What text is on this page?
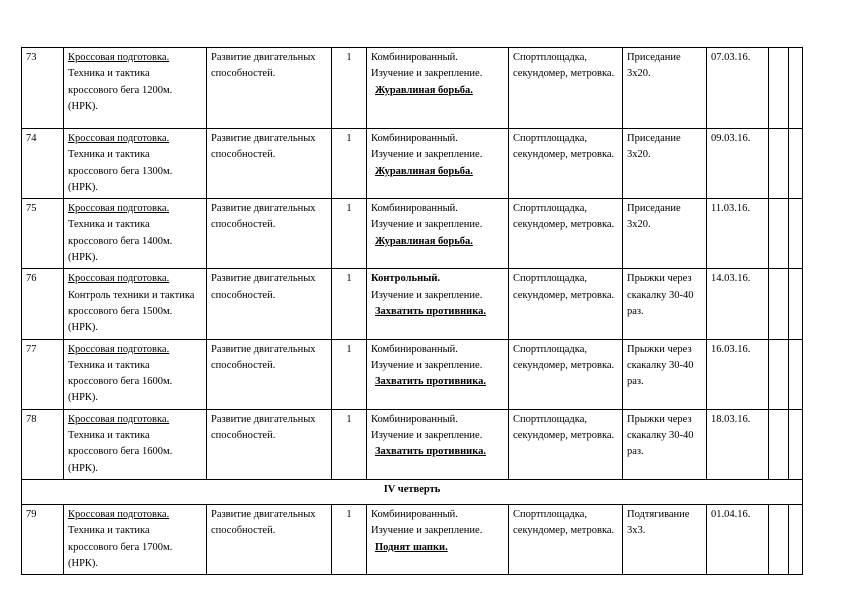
73	Кроссовая подготовка.
Техника и тактика кроссового бега 1200м. (НРК).	Развитие двигательных способностей.	1	Комбинированный.
Изучение и закрепление.
Журавлиная борьба.	Спортплощадка, секундомер, метровка.	Приседание 3х20.	07.03.16.		
74	Кроссовая подготовка.
Техника и тактика кроссового бега 1300м. (НРК).	Развитие двигательных способностей.	1	Комбинированный.
Изучение и закрепление.
Журавлиная борьба.	Спортплощадка, секундомер, метровка.	Приседание 3х20.	09.03.16.		
75	Кроссовая подготовка.
Техника и тактика кроссового бега 1400м. (НРК).	Развитие двигательных способностей.	1	Комбинированный.
Изучение и закрепление.
Журавлиная борьба.	Спортплощадка, секундомер, метровка.	Приседание 3х20.	11.03.16.		
76	Кроссовая подготовка.
Контроль техники и тактика кроссового бега 1500м. (НРК).	Развитие двигательных способностей.	1	Контрольный.
Изучение и закрепление.
Захватить противника.	Спортплощадка, секундомер, метровка.	Прыжки через скакалку 30-40 раз.	14.03.16.		
77	Кроссовая подготовка.
Техника и тактика кроссового бега 1600м. (НРК).	Развитие двигательных способностей.	1	Комбинированный.
Изучение и закрепление.
Захватить противника.	Спортплощадка, секундомер, метровка.	Прыжки через скакалку 30-40 раз.	16.03.16.		
78	Кроссовая подготовка.
Техника и тактика кроссового бега 1600м. (НРК).	Развитие двигательных способностей.	1	Комбинированный.
Изучение и закрепление.
Захватить противника.	Спортплощадка, секундомер, метровка.	Прыжки через скакалку 30-40 раз.	18.03.16.		
IV четверть									
79	Кроссовая подготовка.
Техника и тактика кроссового бега 1700м. (НРК).	Развитие двигательных способностей.	1	Комбинированный.
Изучение и закрепление.
Поднят шапки.	Спортплощадка, секундомер, метровка.	Подтягивание 3х3.	01.04.16.		
